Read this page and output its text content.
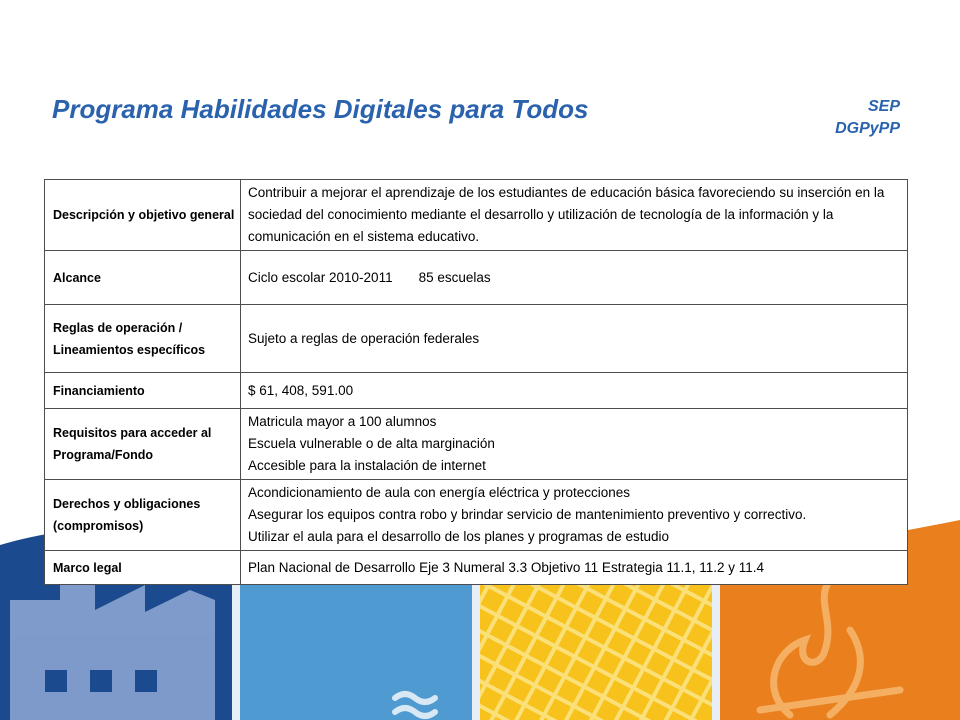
Programa Habilidades Digitales para Todos	SEP
DGPyPP
Descripción y objetivo general	Contribuir a mejorar el aprendizaje de los estudiantes de educación básica favoreciendo su inserción en la sociedad del conocimiento mediante el desarrollo y utilización de tecnología de la información y la comunicación en el sistema educativo.
Alcance	Ciclo escolar 2010-2011 85 escuelas
Reglas de operación / Lineamientos específicos	Sujeto a reglas de operación federales
Financiamiento	$ 61, 408, 591.00
Requisitos para acceder al Programa/Fondo	Matricula mayor a 100 alumnos
Escuela vulnerable o de alta marginación
Accesible para la instalación de internet

Derechos y obligaciones (compromisos)	Acondicionamiento de aula con energía eléctrica y protecciones
Asegurar los equipos contra robo y brindar servicio de mantenimiento preventivo y correctivo.
Utilizar el aula para el desarrollo de los planes y programas de estudio

Marco legal	Plan Nacional de Desarrollo Eje 3 Numeral 3.3 Objetivo 11 Estrategia 11.1, 11.2 y 11.4
